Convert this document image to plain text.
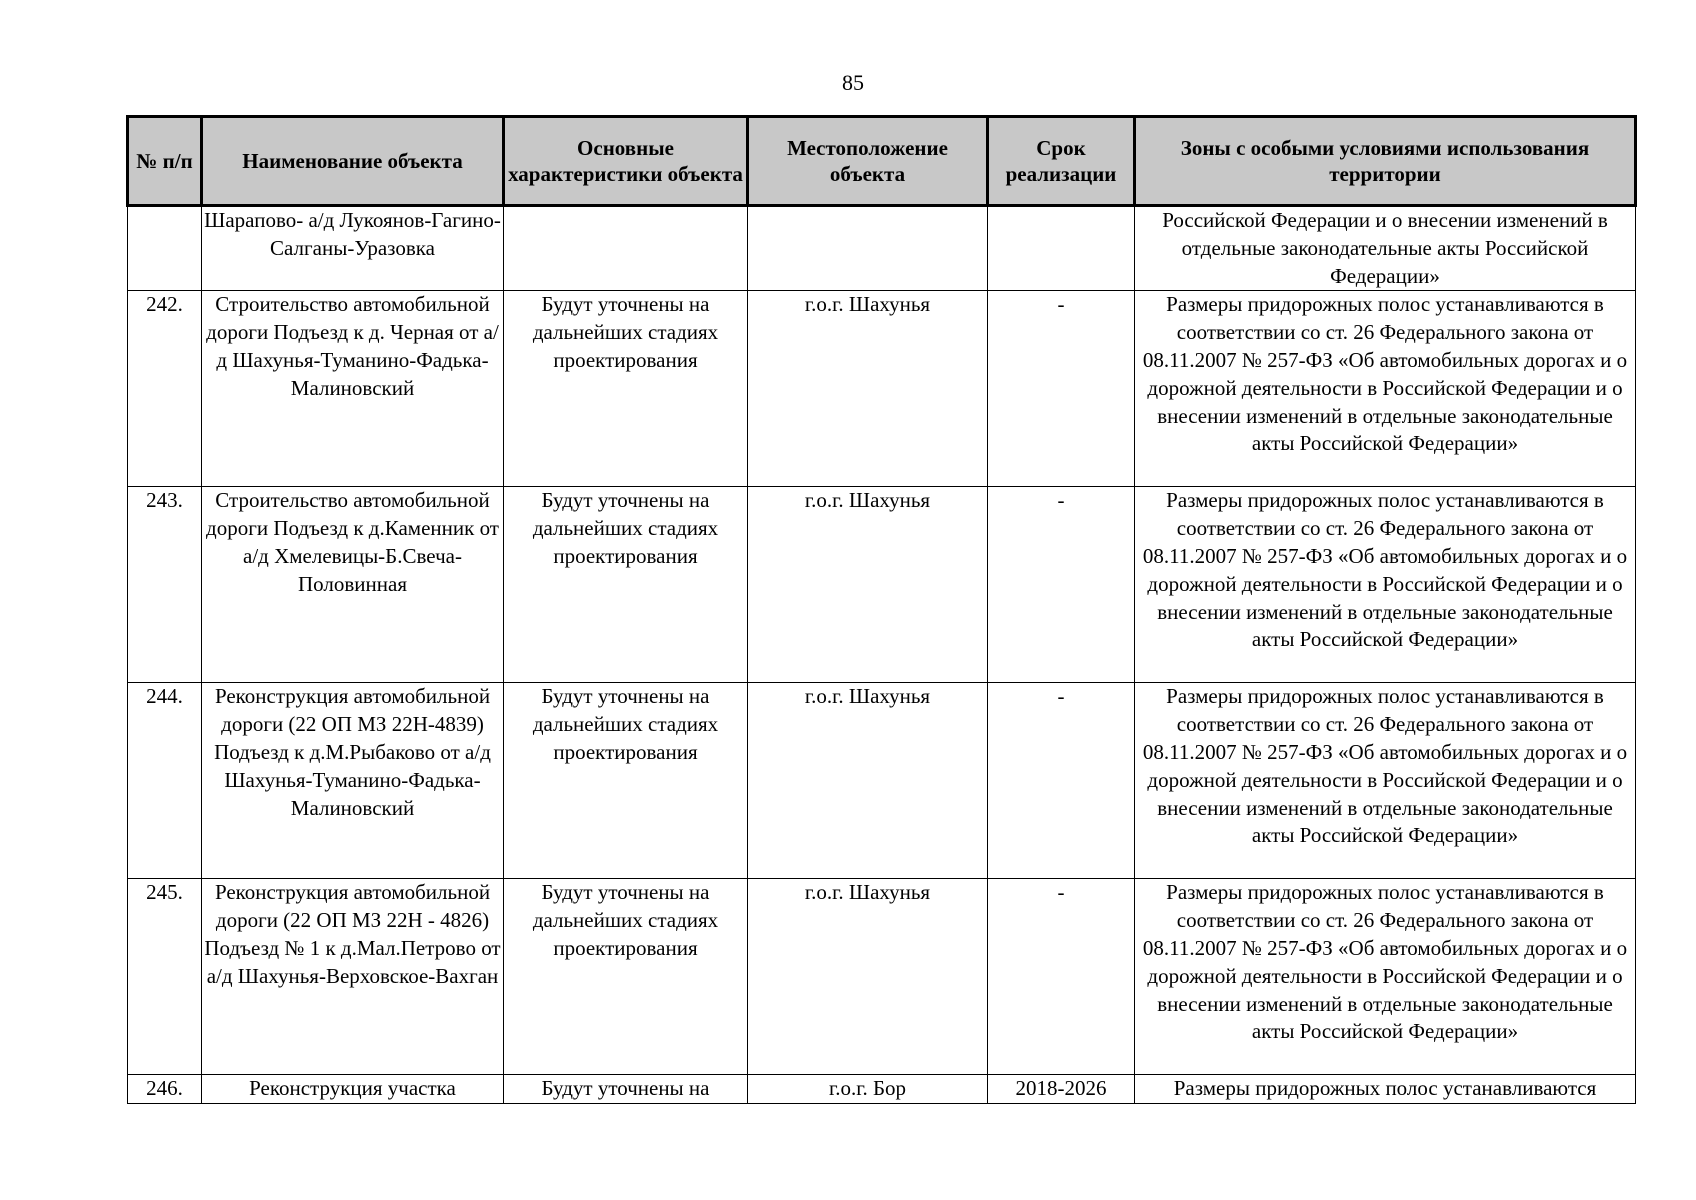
85
№ п/п	Наименование объекта	Основные характеристики объекта	Местоположение объекта	Срок реализации	Зоны с особыми условиями использования территории
	Шарапово- а/д Лукоянов-Гагино- Салганы-Уразовка				Российской Федерации и о внесении изменений в отдельные законодательные акты Российской Федерации»
242.	Строительство автомобильной дороги Подъезд к д. Черная от а/д Шахунья-Туманино-Фадька- Малиновский	Будут уточнены на дальнейших стадиях проектирования	г.о.г. Шахунья	-	Размеры придорожных полос устанавливаются в соответствии со ст. 26 Федерального закона от 08.11.2007 № 257-ФЗ «Об автомобильных дорогах и о дорожной деятельности в Российской Федерации и о внесении изменений в отдельные законодательные акты Российской Федерации»
243.	Строительство автомобильной дороги Подъезд к д.Каменник от а/д Хмелевицы-Б.Свеча-Половинная	Будут уточнены на дальнейших стадиях проектирования	г.о.г. Шахунья	-	Размеры придорожных полос устанавливаются в соответствии со ст. 26 Федерального закона от 08.11.2007 № 257-ФЗ «Об автомобильных дорогах и о дорожной деятельности в Российской Федерации и о внесении изменений в отдельные законодательные акты Российской Федерации»
244.	Реконструкция автомобильной дороги (22 ОП МЗ 22Н-4839) Подъезд к д.М.Рыбаково от а/д Шахунья-Туманино-Фадька-Малиновский	Будут уточнены на дальнейших стадиях проектирования	г.о.г. Шахунья	-	Размеры придорожных полос устанавливаются в соответствии со ст. 26 Федерального закона от 08.11.2007 № 257-ФЗ «Об автомобильных дорогах и о дорожной деятельности в Российской Федерации и о внесении изменений в отдельные законодательные акты Российской Федерации»
245.	Реконструкция автомобильной дороги (22 ОП МЗ 22Н - 4826) Подъезд № 1 к д.Мал.Петрово от а/д Шахунья-Верховское-Вахган	Будут уточнены на дальнейших стадиях проектирования	г.о.г. Шахунья	-	Размеры придорожных полос устанавливаются в соответствии со ст. 26 Федерального закона от 08.11.2007 № 257-ФЗ «Об автомобильных дорогах и о дорожной деятельности в Российской Федерации и о внесении изменений в отдельные законодательные акты Российской Федерации»
246.	Реконструкция участка	Будут уточнены на	г.о.г. Бор	2018-2026	Размеры придорожных полос устанавливаются
